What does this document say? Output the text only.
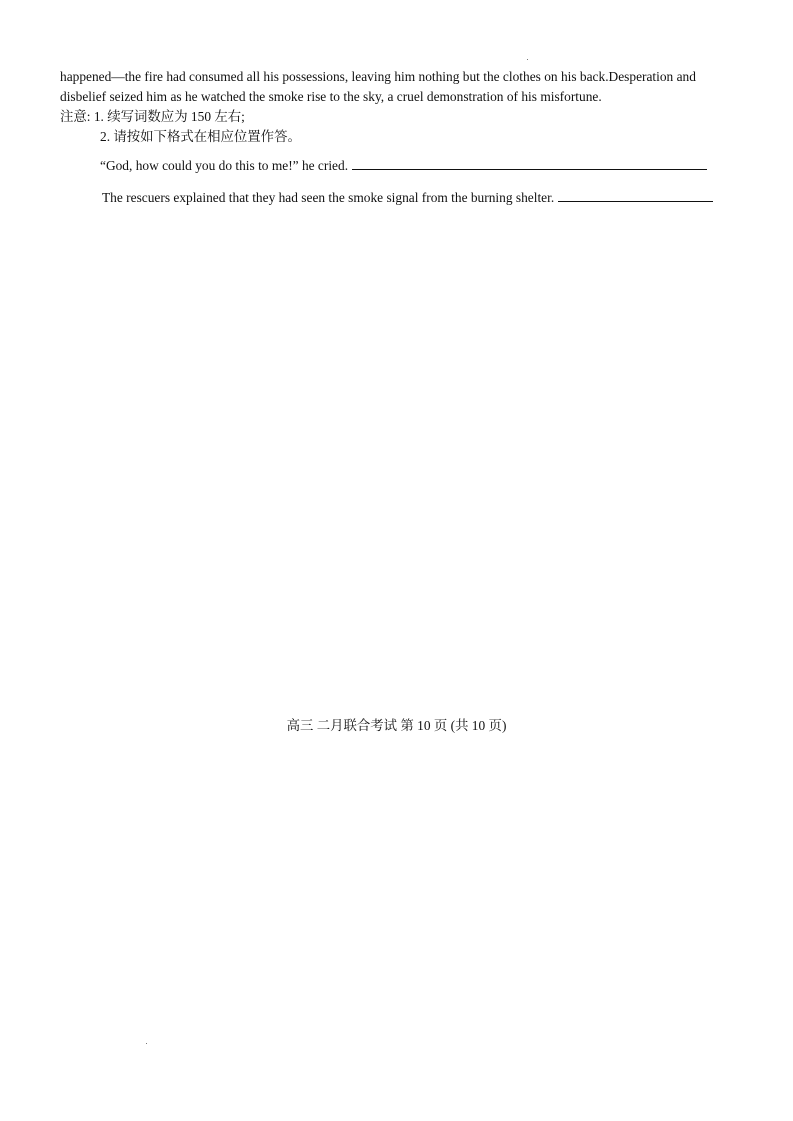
happened—the fire had consumed all his possessions, leaving him nothing but the clothes on his back.Desperation and
disbelief seized him as he watched the smoke rise to the sky, a cruel demonstration of his misfortune.

注意: 1. 续写词数应为 150 左右;

2. 请按如下格式在相应位置作答。

“God, how could you do this to me!” he cried.
The rescuers explained that they had seen the smoke signal from the burning shelter.
高三 二月联合考试 第 10 页 (共 10 页)
